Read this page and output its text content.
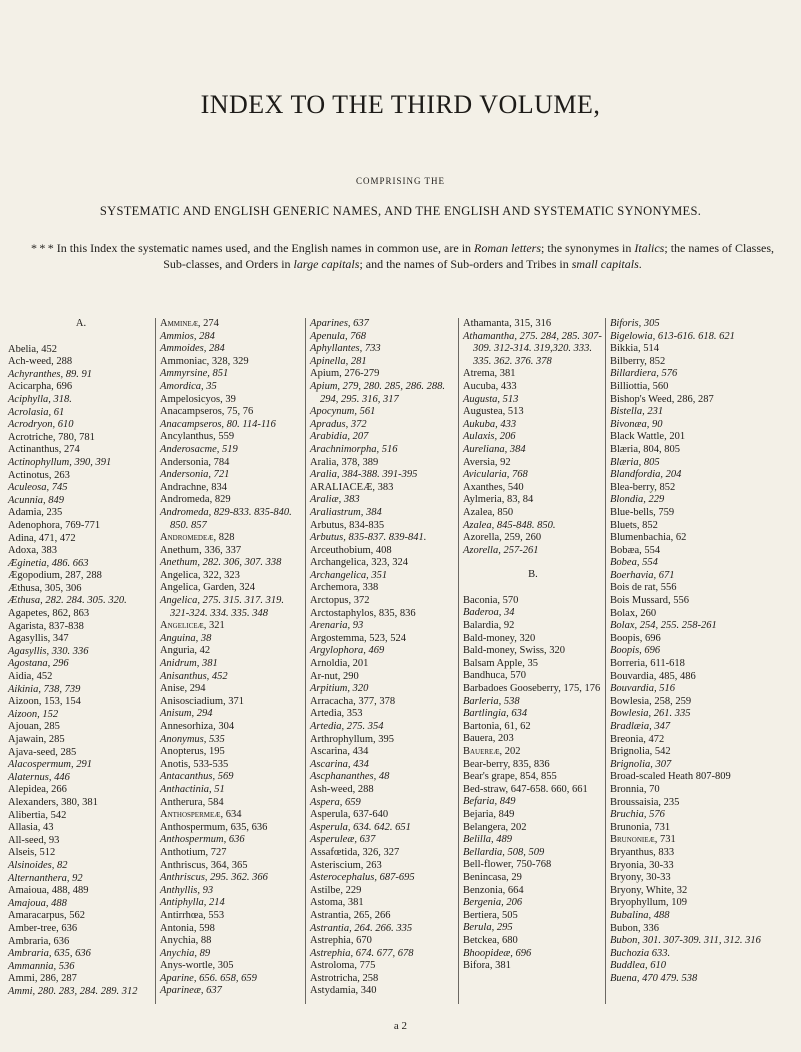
INDEX TO THE THIRD VOLUME,
COMPRISING THE
SYSTEMATIC AND ENGLISH GENERIC NAMES, AND THE ENGLISH AND SYSTEMATIC SYNONYMES.
* * * In this Index the systematic names used, and the English names in common use, are in Roman letters; the synonymes in Italics; the names of Classes, Sub-classes, and Orders in large capitals; and the names of Sub-orders and Tribes in small capitals.
A.
Abelia, 452
Ach-weed, 288
Achyranthes, 89. 91
Acicarpha, 696
Aciphylla, 318.
Acrolasia, 61
Acrodryon, 610
Acrotriche, 780, 781
Actinanthus, 274
Actinophyllum, 390, 391
Actinotus, 263
Aculeosa, 745
Acunnia, 849
Adamia, 235
Adenophora, 769-771
Adina, 471, 472
Adoxa, 383
Æginetia, 486. 663
Ægopodium, 287, 288
Æthusa, 305, 306
Æthusa, 282. 284. 305. 320.
Agapetes, 862, 863
Agarista, 837-838
Agasyllis, 347
Agasyllis, 330. 336
Agostana, 296
Aidia, 452
Aikinia, 738, 739
Aizoon, 153, 154
Aizoon, 152
Ajouan, 285
Ajawain, 285
Ajava-seed, 285
Alacospermum, 291
Alaternus, 446
Alepidea, 266
Alexanders, 380, 381
Alibertia, 542
Allasia, 43
All-seed, 93
Alseis, 512
Alsinoides, 82
Alternanthera, 92
Amaioua, 488, 489
Amajoua, 488
Amaracarpus, 562
Amber-tree, 636
Ambraria, 636
Ambraria, 635, 636
Ammannia, 536
Ammi, 286, 287
Ammi, 280. 283, 284. 289. 312
Ammineæ, 274
Ammios, 284
Ammoides, 284
Ammoniac, 328, 329
Ammyrsine, 851
Amordica, 35
Ampelosicyos, 39
Anacampseros, 75, 76
Anacampseros, 80. 114-116
Ancylanthus, 559
Anderosacme, 519
Andersonia, 784
Andersonia, 721
Andrachne, 834
Andromeda, 829
Andromeda, 829-833. 835-840. 850. 857
Andromedeæ, 828
Anethum, 336, 337
Anethum, 282. 306, 307. 338
Angelica, 322, 323
Angelica, Garden, 324
Angelica, 275. 315. 317. 319. 321-324. 334. 335. 348
Angeliceæ, 321
Anguina, 38
Anguria, 42
Anidrum, 381
Anisanthus, 452
Anise, 294
Anisosciadium, 371
Anisum, 294
Annesorhiza, 304
Anonymus, 535
Anopterus, 195
Anotis, 533-535
Antacanthus, 569
Anthactinia, 51
Antherura, 584
Anthospermeæ, 634
Anthospermum, 635, 636
Anthospermum, 636
Anthotium, 727
Anthriscus, 364, 365
Anthriscus, 295. 362. 366
Anthyllis, 93
Antiphylla, 214
Antirrhœa, 553
Antonia, 598
Anychia, 88
Anychia, 89
Anys-wortle, 305
Aparine, 656. 658, 659
Aparineæ, 637
Aparines, 637
Apenula, 768
Aphyllantes, 733
Apinella, 281
Apium, 276-279
Apium, 279, 280. 285, 286. 288. 294, 295. 316, 317
Apocynum, 561
Apradus, 372
Arabidia, 207
Arachnimorpha, 516
Aralia, 378, 389
Aralia, 384-388. 391-395
ARALIACEÆ, 383
Araliæ, 383
Araliastrum, 384
Arbutus, 834-835
Arbutus, 835-837. 839-841.
Arceuthobium, 408
Archangelica, 323, 324
Archangelica, 351
Archemora, 338
Arctopus, 372
Arctostaphylos, 835, 836
Arenaria, 93
Argostemma, 523, 524
Argylophora, 469
Arnoldia, 201
Ar-nut, 290
Arpitium, 320
Arracacha, 377, 378
Artedia, 353
Artedia, 275. 354
Arthrophyllum, 395
Ascarina, 434
Ascarina, 434
Ascphananthes, 48
Ash-weed, 288
Aspera, 659
Asperula, 637-640
Asperula, 634. 642. 651
Asperuleæ, 637
Assafœtida, 326, 327
Asteriscium, 263
Asterocephalus, 687-695
Astilbe, 229
Astoma, 381
Astrantia, 265, 266
Astrantia, 264. 266. 335
Astrephia, 670
Astrephia, 674. 677, 678
Astroloma, 775
Astrotricha, 258
Astydamia, 340
Athamanta, 315, 316
Athamantha, 275. 284, 285. 307-309. 312-314. 319,320. 333. 335. 362. 376. 378
Atrema, 381
Aucuba, 433
Augusta, 513
Augustea, 513
Aukuba, 433
Aulaxis, 206
Aureliana, 384
Aversia, 92
Avicularia, 768
Axanthes, 540
Aylmeria, 83, 84
Azalea, 850
Azalea, 845-848. 850.
Azorella, 259, 260
Azorella, 257-261
B.
Baconia, 570
Baderoa, 34
Balardia, 92
Bald-money, 320
Bald-money, Swiss, 320
Balsam Apple, 35
Bandhuca, 570
Barbadoes Gooseberry, 175, 176
Barleria, 538
Bartlingia, 634
Bartonia, 61, 62
Bauera, 203
Bauereæ, 202
Bear-berry, 835, 836
Bear's grape, 854, 855
Bed-straw, 647-658. 660, 661
Befaria, 849
Bejaria, 849
Belangera, 202
Belilla, 489
Bellardia, 508, 509
Bell-flower, 750-768
Benincasa, 29
Benzonia, 664
Bergenia, 206
Bertiera, 505
Berula, 295
Betckea, 680
Bhoopideæ, 696
Bifora, 381
Biforis, 305
Bigelowia, 613-616. 618. 621
Bikkia, 514
Bilberry, 852
Billardiera, 576
Billiottia, 560
Bishop's Weed, 286, 287
Bistella, 231
Bivonæa, 90
Black Wattle, 201
Blæria, 804, 805
Blæria, 805
Blandfordia, 204
Blea-berry, 852
Blondia, 229
Blue-bells, 759
Bluets, 852
Blumenbachia, 62
Bobæa, 554
Bobea, 554
Boerhavia, 671
Bois de rat, 556
Bois Mussard, 556
Bolax, 260
Bolax, 254, 255. 258-261
Boopis, 696
Boopis, 696
Borreria, 611-618
Bouvardia, 485, 486
Bouvardia, 516
Bowlesia, 258, 259
Bowlesia, 261. 335
Bradlæia, 347
Breonia, 472
Brignolia, 542
Brignolia, 307
Broad-scaled Heath 807-809
Bronnia, 70
Broussaisia, 235
Bruchia, 576
Brunonia, 731
Brunonieæ, 731
Bryanthus, 833
Bryonia, 30-33
Bryony, 30-33
Bryony, White, 32
Bryophyllum, 109
Bubalina, 488
Bubon, 336
Bubon, 301. 307-309. 311, 312. 316
Buchozia 633.
Buddlea, 610
Buena, 470 479. 538
a 2
